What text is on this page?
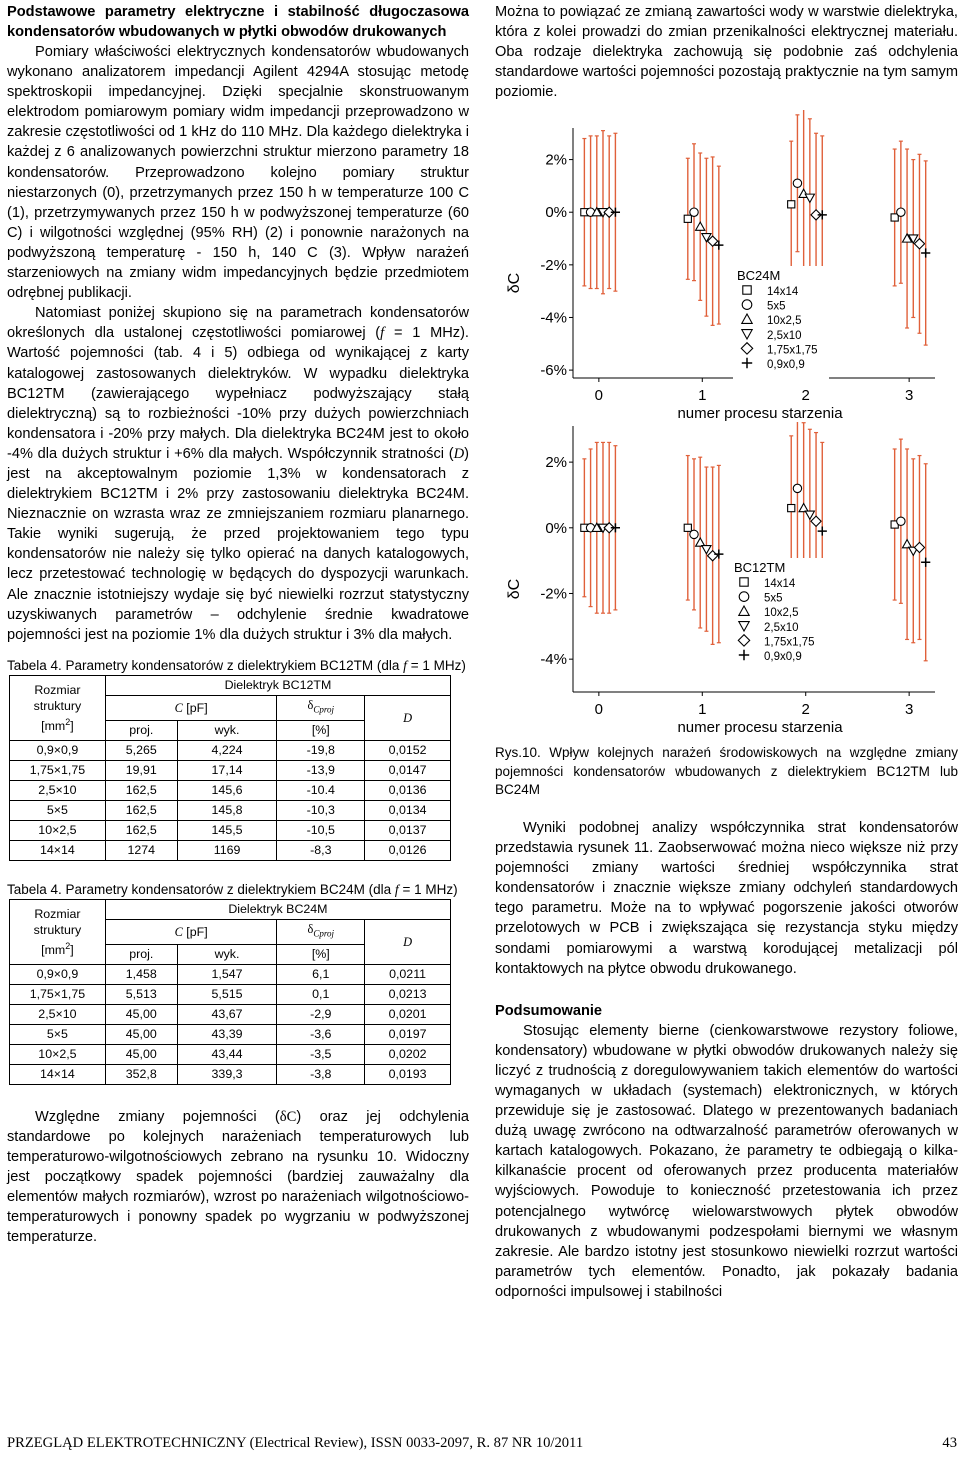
Podstawowe parametry elektryczne i stabilność długoczasowa kondensatorów wbudowanych w płytki obwodów drukowanych

Pomiary właściwości elektrycznych kondensatorów wbudowanych wykonano analizatorem impedancji Agilent 4294A stosując metodę spektroskopii impedancyjnej. Dzięki specjalnie skonstruowanym elektrodom pomiarowym pomiary widm impedancji przeprowadzono w zakresie częstotliwości od 1 kHz do 110 MHz. Dla każdego dielektryka i każdej z 6 analizowanych powierzchni struktur mierzono parametry 18 kondensatorów. Przeprowadzono kolejno pomiary struktur niestarzonych (0), przetrzymanych przez 150 h w temperaturze 100 C (1), przetrzymywanych przez 150 h w podwyższonej temperaturze (60 C) i wilgotności względnej (95% RH) (2) i ponownie narażonych na podwyższoną temperaturę - 150 h, 140 C (3). Wpływ narażeń starzeniowych na zmiany widm impedancyjnych będzie przedmiotem odrębnej publikacji.

Natomiast poniżej skupiono się na parametrach kondensatorów określonych dla ustalonej częstotliwości pomiarowej (f = 1 MHz). Wartość pojemności (tab. 4 i 5) odbiega od wynikającej z karty katalogowej zastosowanych dielektryków. W wypadku dielektryka BC12TM (zawierającego wypełniacz podwyższający stałą dielektryczną) są to rozbieżności -10% przy dużych powierzchniach kondensatora i -20% przy małych. Dla dielektryka BC24M jest to około -4% dla dużych struktur i +6% dla małych. Współczynnik stratności (D) jest na akceptowalnym poziomie 1,3% w kondensatorach z dielektrykiem BC12TM i 2% przy zastosowaniu dielektryka BC24M. Nieznacznie on wzrasta wraz ze zmniejszaniem rozmiaru planarnego. Takie wyniki sugerują, że przed projektowaniem tego typu kondensatorów nie należy się tylko opierać na danych katalogowych, lecz przetestować technologię w będących do dyspozycji warunkach. Ale znacznie istotniejszy wydaje się być niewielki rozrzut statystyczny uzyskiwanych parametrów – odchylenie średnie kwadratowe pojemności jest na poziomie 1% dla dużych struktur i 3% dla małych.

Tabela 4. Parametry kondensatorów z dielektrykiem BC12TM (dla f = 1 MHz)
Rozmiar
struktury
$[mm^2]$	Dielektryk BC12TM			
	C [pF]		$\delta_{Cproj}$	D
	proj.	wyk.	[%]	
0,9×0,9	5,265	4,224	-19,8	0,0152
1,75×1,75	19,91	17,14	-13,9	0,0147
2,5×10	162,5	145,6	-10.4	0,0136
5×5	162,5	145,8	-10,3	0,0134
10×2,5	162,5	145,5	-10,5	0,0137
14×14	1274	1169	-8,3	0,0126
Tabela 4. Parametry kondensatorów z dielektrykiem BC24M (dla f = 1 MHz)
Rozmiar
struktury
$[mm^2]$	Dielektryk BC24M			
	C [pF]		$\delta_{Cproj}$	D
	proj.	wyk.	[%]	
0,9×0,9	1,458	1,547	6,1	0,0211
1,75×1,75	5,513	5,515	0,1	0,0213
2,5×10	45,00	43,67	-2,9	0,0201
5×5	45,00	43,39	-3,6	0,0197
10×2,5	45,00	43,44	-3,5	0,0202
14×14	352,8	339,3	-3,8	0,0193

Względne zmiany pojemności (δC) oraz jej odchylenia standardowe po kolejnych narażeniach temperaturowych lub temperaturowo-wilgotnościowych zebrano na rysunku 10. Widoczny jest początkowy spadek pojemności (bardziej zauważalny dla elementów małych rozmiarów), wzrost po narażeniach wilgotnościowo-temperaturowych i ponowny spadek po wygrzaniu w podwyższonej temperaturze.

Można to powiązać ze zmianą zawartości wody w warstwie dielektryka, która z kolei prowadzi do zmian przenikalności elektrycznej materiału. Oba rodzaje dielektryka zachowują się podobnie zaś odchylenia standardowe wartości pojemności pozostają praktycznie na tym samym poziomie.

2%
0%
-2%
-4%
-6%
0	1	2	3
numer procesu starzenia
δC	BC24M
14x14
5x5
10x2,5
2,5x10
1,75x1,75
0,9x0,9
2%
0%
-2%
-4%
0	1	2	3
numer procesu starzenia
δC
BC12TM
14x14
5x5
10x2,5
2,5x10
1,75x1,75
0,9x0,9

Rys.10. Wpływ kolejnych narażeń środowiskowych na względne zmiany pojemności kondensatorów wbudowanych z dielektrykiem BC12TM lub BC24M

Wyniki podobnej analizy współczynnika strat kondensatorów przedstawia rysunek 11. Zaobserwować można nieco większe niż przy pojemności zmiany wartości średniej współczynnika strat kondensatorów i znacznie większe zmiany odchyleń standardowych tego parametru. Może na to wpływać pogorszenie jakości otworów przelotowych w PCB i zwiększająca się rezystancja styku między sondami pomiarowymi a warstwą korodującej metalizacji pól kontaktowych na płytce obwodu drukowanego.

Podsumowanie

Stosując elementy bierne (cienkowarstwowe rezystory foliowe, kondensatory) wbudowane w płytki obwodów drukowanych należy się liczyć z trudnością z doregulowywaniem takich elementów do wartości wymaganych w układach (systemach) elektronicznych, w których przewiduje się je zastosować. Dlatego w prezentowanych badaniach dużą uwagę zwrócono na odtwarzalność parametrów oferowanych w kartach katalogowych. Pokazano, że parametry te odbiegają o kilka-kilkanaście procent od oferowanych przez producenta materiałów wyjściowych. Powoduje to konieczność przetestowania ich przez potencjalnego wytwórcę wielowarstwowych płytek obwodów drukowanych z wbudowanymi podzespołami biernymi we własnym zakresie. Ale bardzo istotny jest stosunkowo niewielki rozrzut wartości parametrów tych elementów. Ponadto, jak pokazały badania odporności impulsowej i stabilności

PRZEGLĄD ELEKTROTECHNICZNY (Electrical Review), ISSN 0033-2097, R. 87 NR 10/2011	43
